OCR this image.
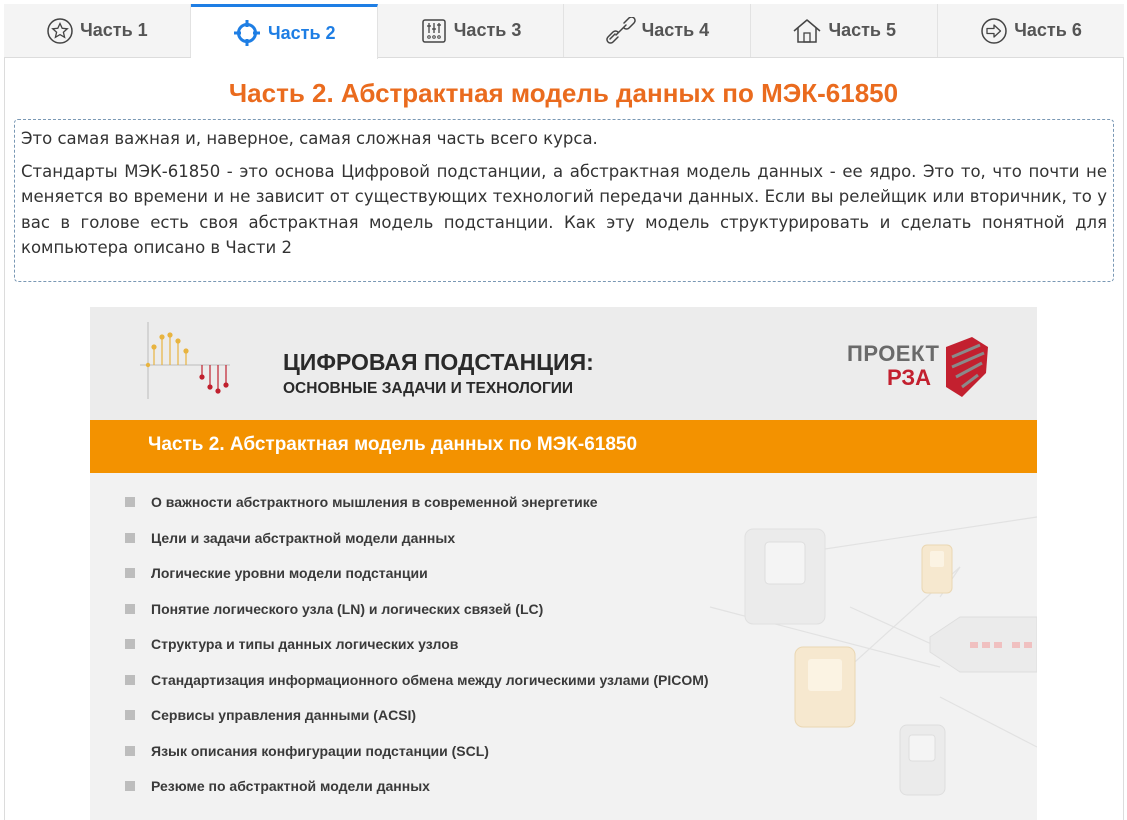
Часть 1	Часть 2	Часть 3	Часть 4	Часть 5	Часть 6
Часть 2. Абстрактная модель данных по МЭК-61850

Это самая важная и, наверное, самая сложная часть всего курса.

Стандарты МЭК-61850 - это основа Цифровой подстанции, а абстрактная модель данных - ее ядро. Это то, что почти не меняется во времени и не зависит от существующих технологий передачи данных. Если вы релейщик или вторичник, то у вас в голове есть своя абстрактная модель подстанции. Как эту модель структурировать и сделать понятной для компьютера описано в Части 2

ЦИФРОВАЯ ПОДСТАНЦИЯ:
ОСНОВНЫЕ ЗАДАЧИ И ТЕХНОЛОГИИ
ПРОЕКТ
РЗА
Часть 2. Абстрактная модель данных по МЭК-61850
О важности абстрактного мышления в современной энергетике
Цели и задачи абстрактной модели данных
Логические уровни модели подстанции
Понятие логического узла (LN) и логических связей (LC)
Структура и типы данных логических узлов
Стандартизация информационного обмена между логическими узлами (PICOM)
Сервисы управления данными (ACSI)
Язык описания конфигурации подстанции (SCL)
Резюме по абстрактной модели данных
